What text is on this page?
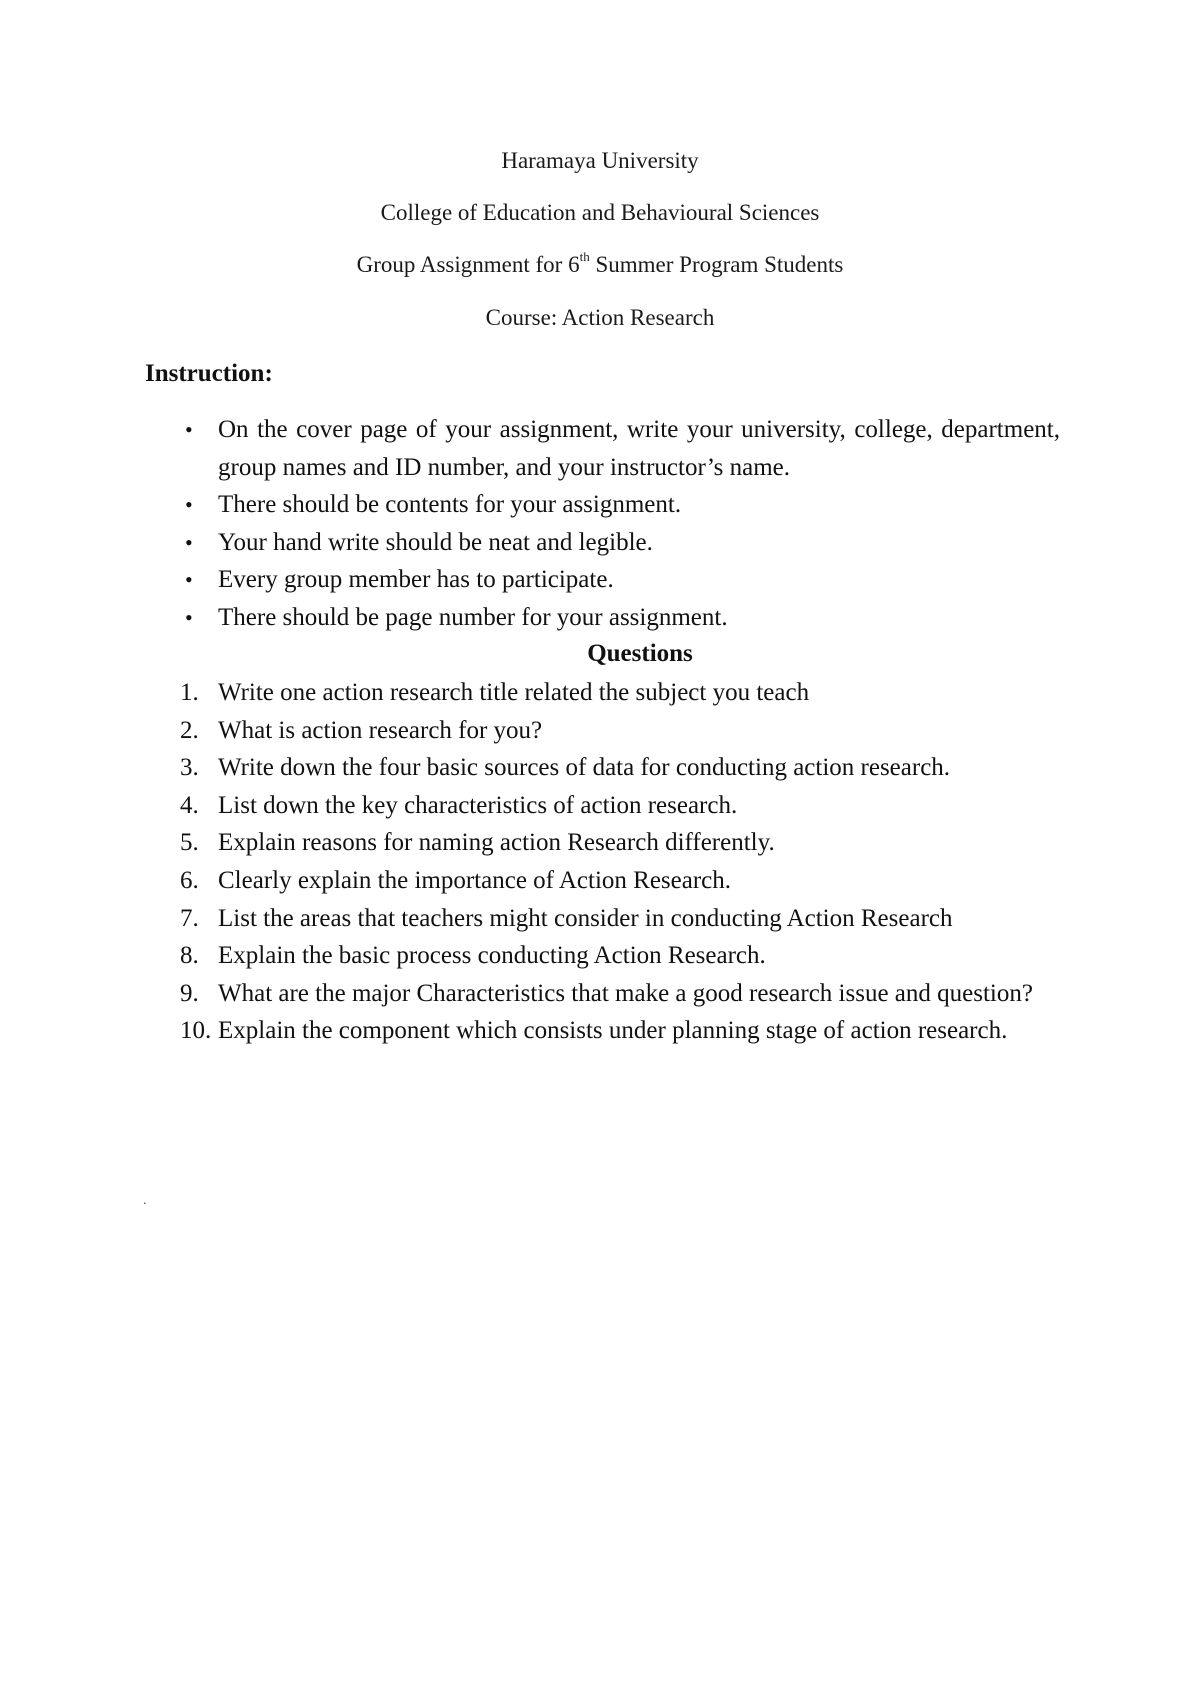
Haramaya University
College of Education and Behavioural Sciences
Group Assignment for 6th Summer Program Students
Course: Action Research
Instruction:
• On the cover page of your assignment, write your university, college, department, group names and ID number, and your instructor’s name.
• There should be contents for your assignment.
• Your hand write should be neat and legible.
• Every group member has to participate.
• There should be page number for your assignment.
Questions
1. Write one action research title related the subject you teach
2. What is action research for you?
3. Write down the four basic sources of data for conducting action research.
4. List down the key characteristics of action research.
5. Explain reasons for naming action Research differently.
6. Clearly explain the importance of Action Research.
7. List the areas that teachers might consider in conducting Action Research
8. Explain the basic process conducting Action Research.
9. What are the major Characteristics that make a good research issue and question?
10. Explain the component which consists under planning stage of action research.
.
